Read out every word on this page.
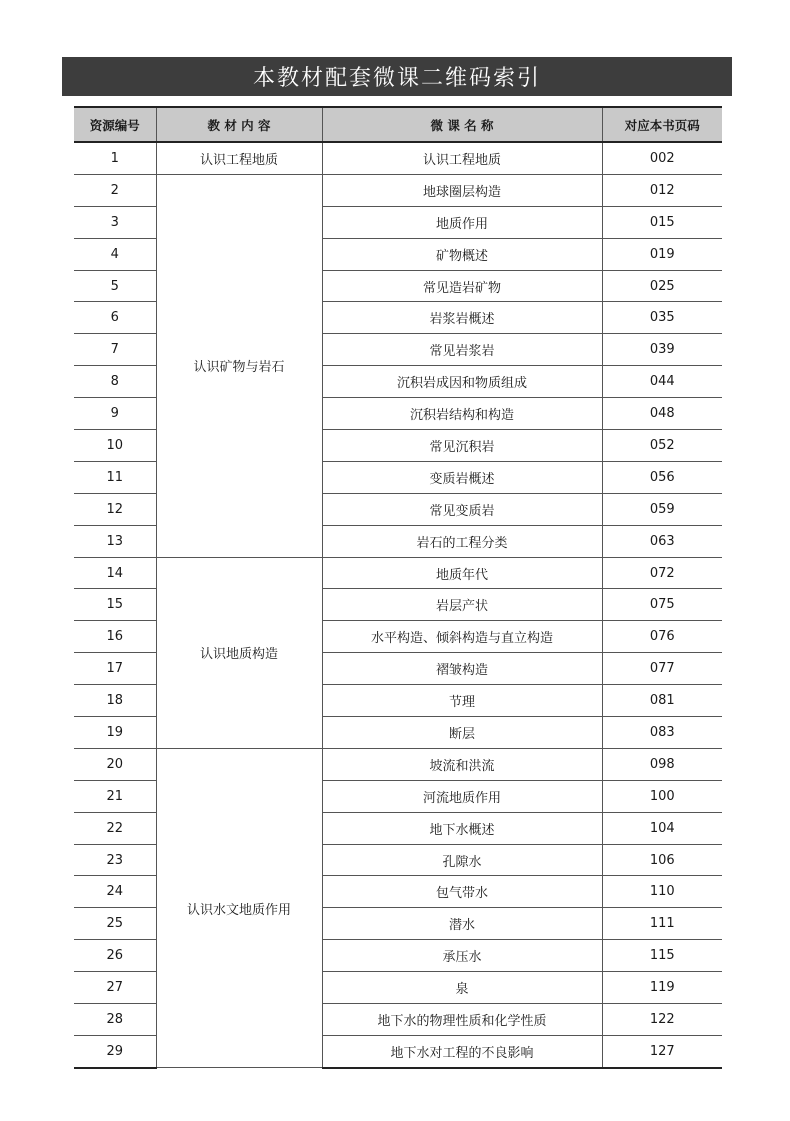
本教材配套微课二维码索引
资源编号	教 材 内 容	微 课 名 称	对应本书页码
1	认识工程地质	认识工程地质	002
2	认识矿物与岩石	地球圈层构造	012
3		地质作用	015
4		矿物概述	019
5		常见造岩矿物	025
6		岩浆岩概述	035
7		常见岩浆岩	039
8		沉积岩成因和物质组成	044
9		沉积岩结构和构造	048
10		常见沉积岩	052
11		变质岩概述	056
12		常见变质岩	059
13		岩石的工程分类	063
14	认识地质构造	地质年代	072
15		岩层产状	075
16		水平构造、倾斜构造与直立构造	076
17		褶皱构造	077
18		节理	081
19		断层	083
20	认识水文地质作用	坡流和洪流	098
21		河流地质作用	100
22		地下水概述	104
23		孔隙水	106
24		包气带水	110
25		潜水	111
26		承压水	115
27		泉	119
28		地下水的物理性质和化学性质	122
29		地下水对工程的不良影响	127
